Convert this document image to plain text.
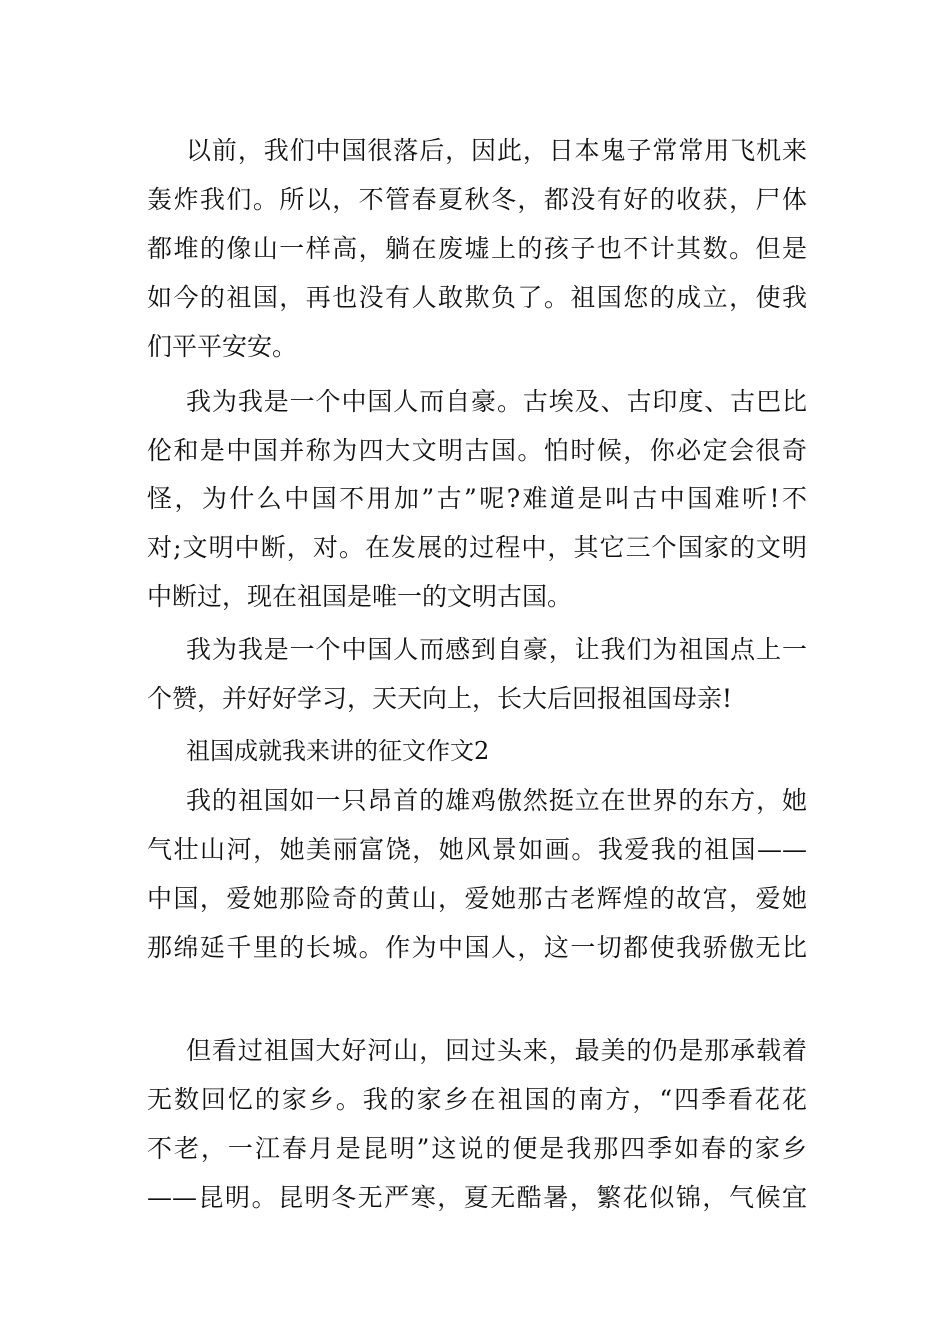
以前，我们中国很落后，因此，日本鬼子常常用飞机来
轰炸我们。所以，不管春夏秋冬，都没有好的收获，尸体
都堆的像山一样高，躺在废墟上的孩子也不计其数。但是
如今的祖国，再也没有人敢欺负了。祖国您的成立，使我
们平平安安。
我为我是一个中国人而自豪。古埃及、古印度、古巴比
伦和是中国并称为四大文明古国。怕时候，你必定会很奇
怪，为什么中国不用加”古”呢?难道是叫古中国难听!不
对;文明中断，对。在发展的过程中，其它三个国家的文明
中断过，现在祖国是唯一的文明古国。
我为我是一个中国人而感到自豪，让我们为祖国点上一
个赞，并好好学习，天天向上，长大后回报祖国母亲!
祖国成就我来讲的征文作文2
我的祖国如一只昂首的雄鸡傲然挺立在世界的东方，她
气壮山河，她美丽富饶，她风景如画。我爱我的祖国——
中国，爱她那险奇的黄山，爱她那古老辉煌的故宫，爱她
那绵延千里的长城。作为中国人，这一切都使我骄傲无比
但看过祖国大好河山，回过头来，最美的仍是那承载着
无数回忆的家乡。我的家乡在祖国的南方，“四季看花花
不老，一江春月是昆明”这说的便是我那四季如春的家乡
——昆明。昆明冬无严寒，夏无酷暑，繁花似锦，气候宜
